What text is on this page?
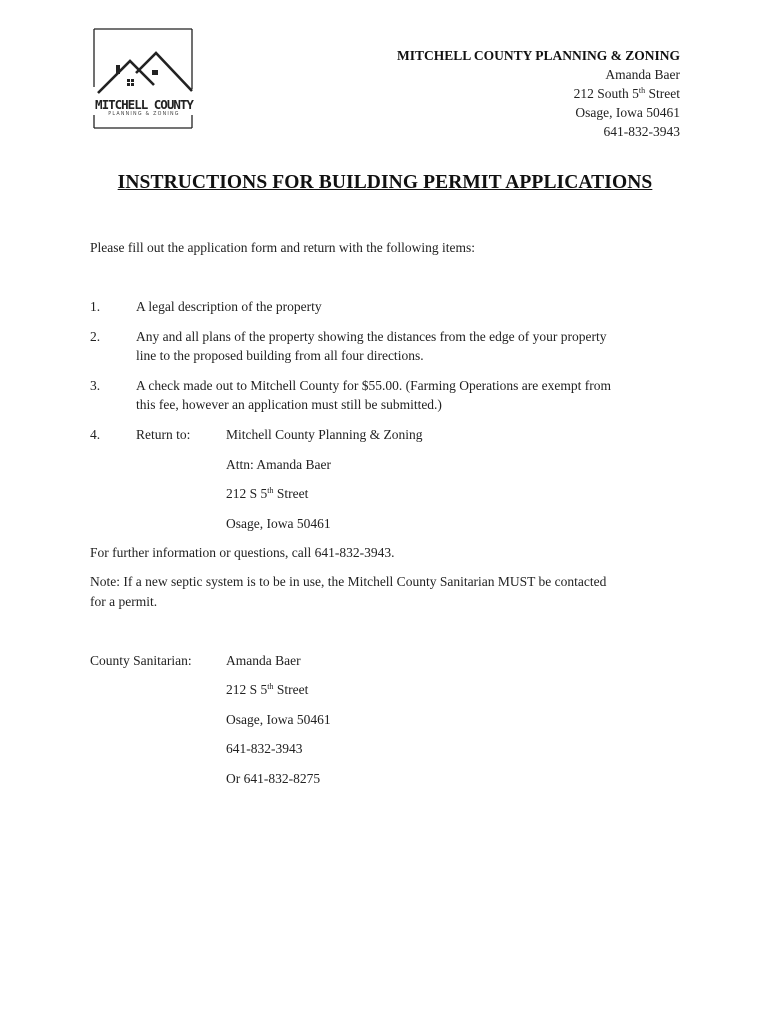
MITCHELL COUNTY
PLANNING & ZONING
MITCHELL COUNTY PLANNING & ZONING
Amanda Baer
212 South 5th Street
Osage, Iowa 50461
641-832-3943
INSTRUCTIONS FOR BUILDING PERMIT APPLICATIONS
Please fill out the application form and return with the following items:
1.	A legal description of the property
2.	Any and all plans of the property showing the distances from the edge of your property
line to the proposed building from all four directions.
3.	A check made out to Mitchell County for $55.00. (Farming Operations are exempt from
this fee, however an application must still be submitted.)
4.	Return to:	Mitchell County Planning & Zoning
Attn: Amanda Baer
212 S 5th Street
Osage, Iowa 50461
For further information or questions, call 641-832-3943.
Note: If a new septic system is to be in use, the Mitchell County Sanitarian MUST be contacted
for a permit.
County Sanitarian:	Amanda Baer
212 S 5th Street
Osage, Iowa 50461
641-832-3943
Or 641-832-8275
